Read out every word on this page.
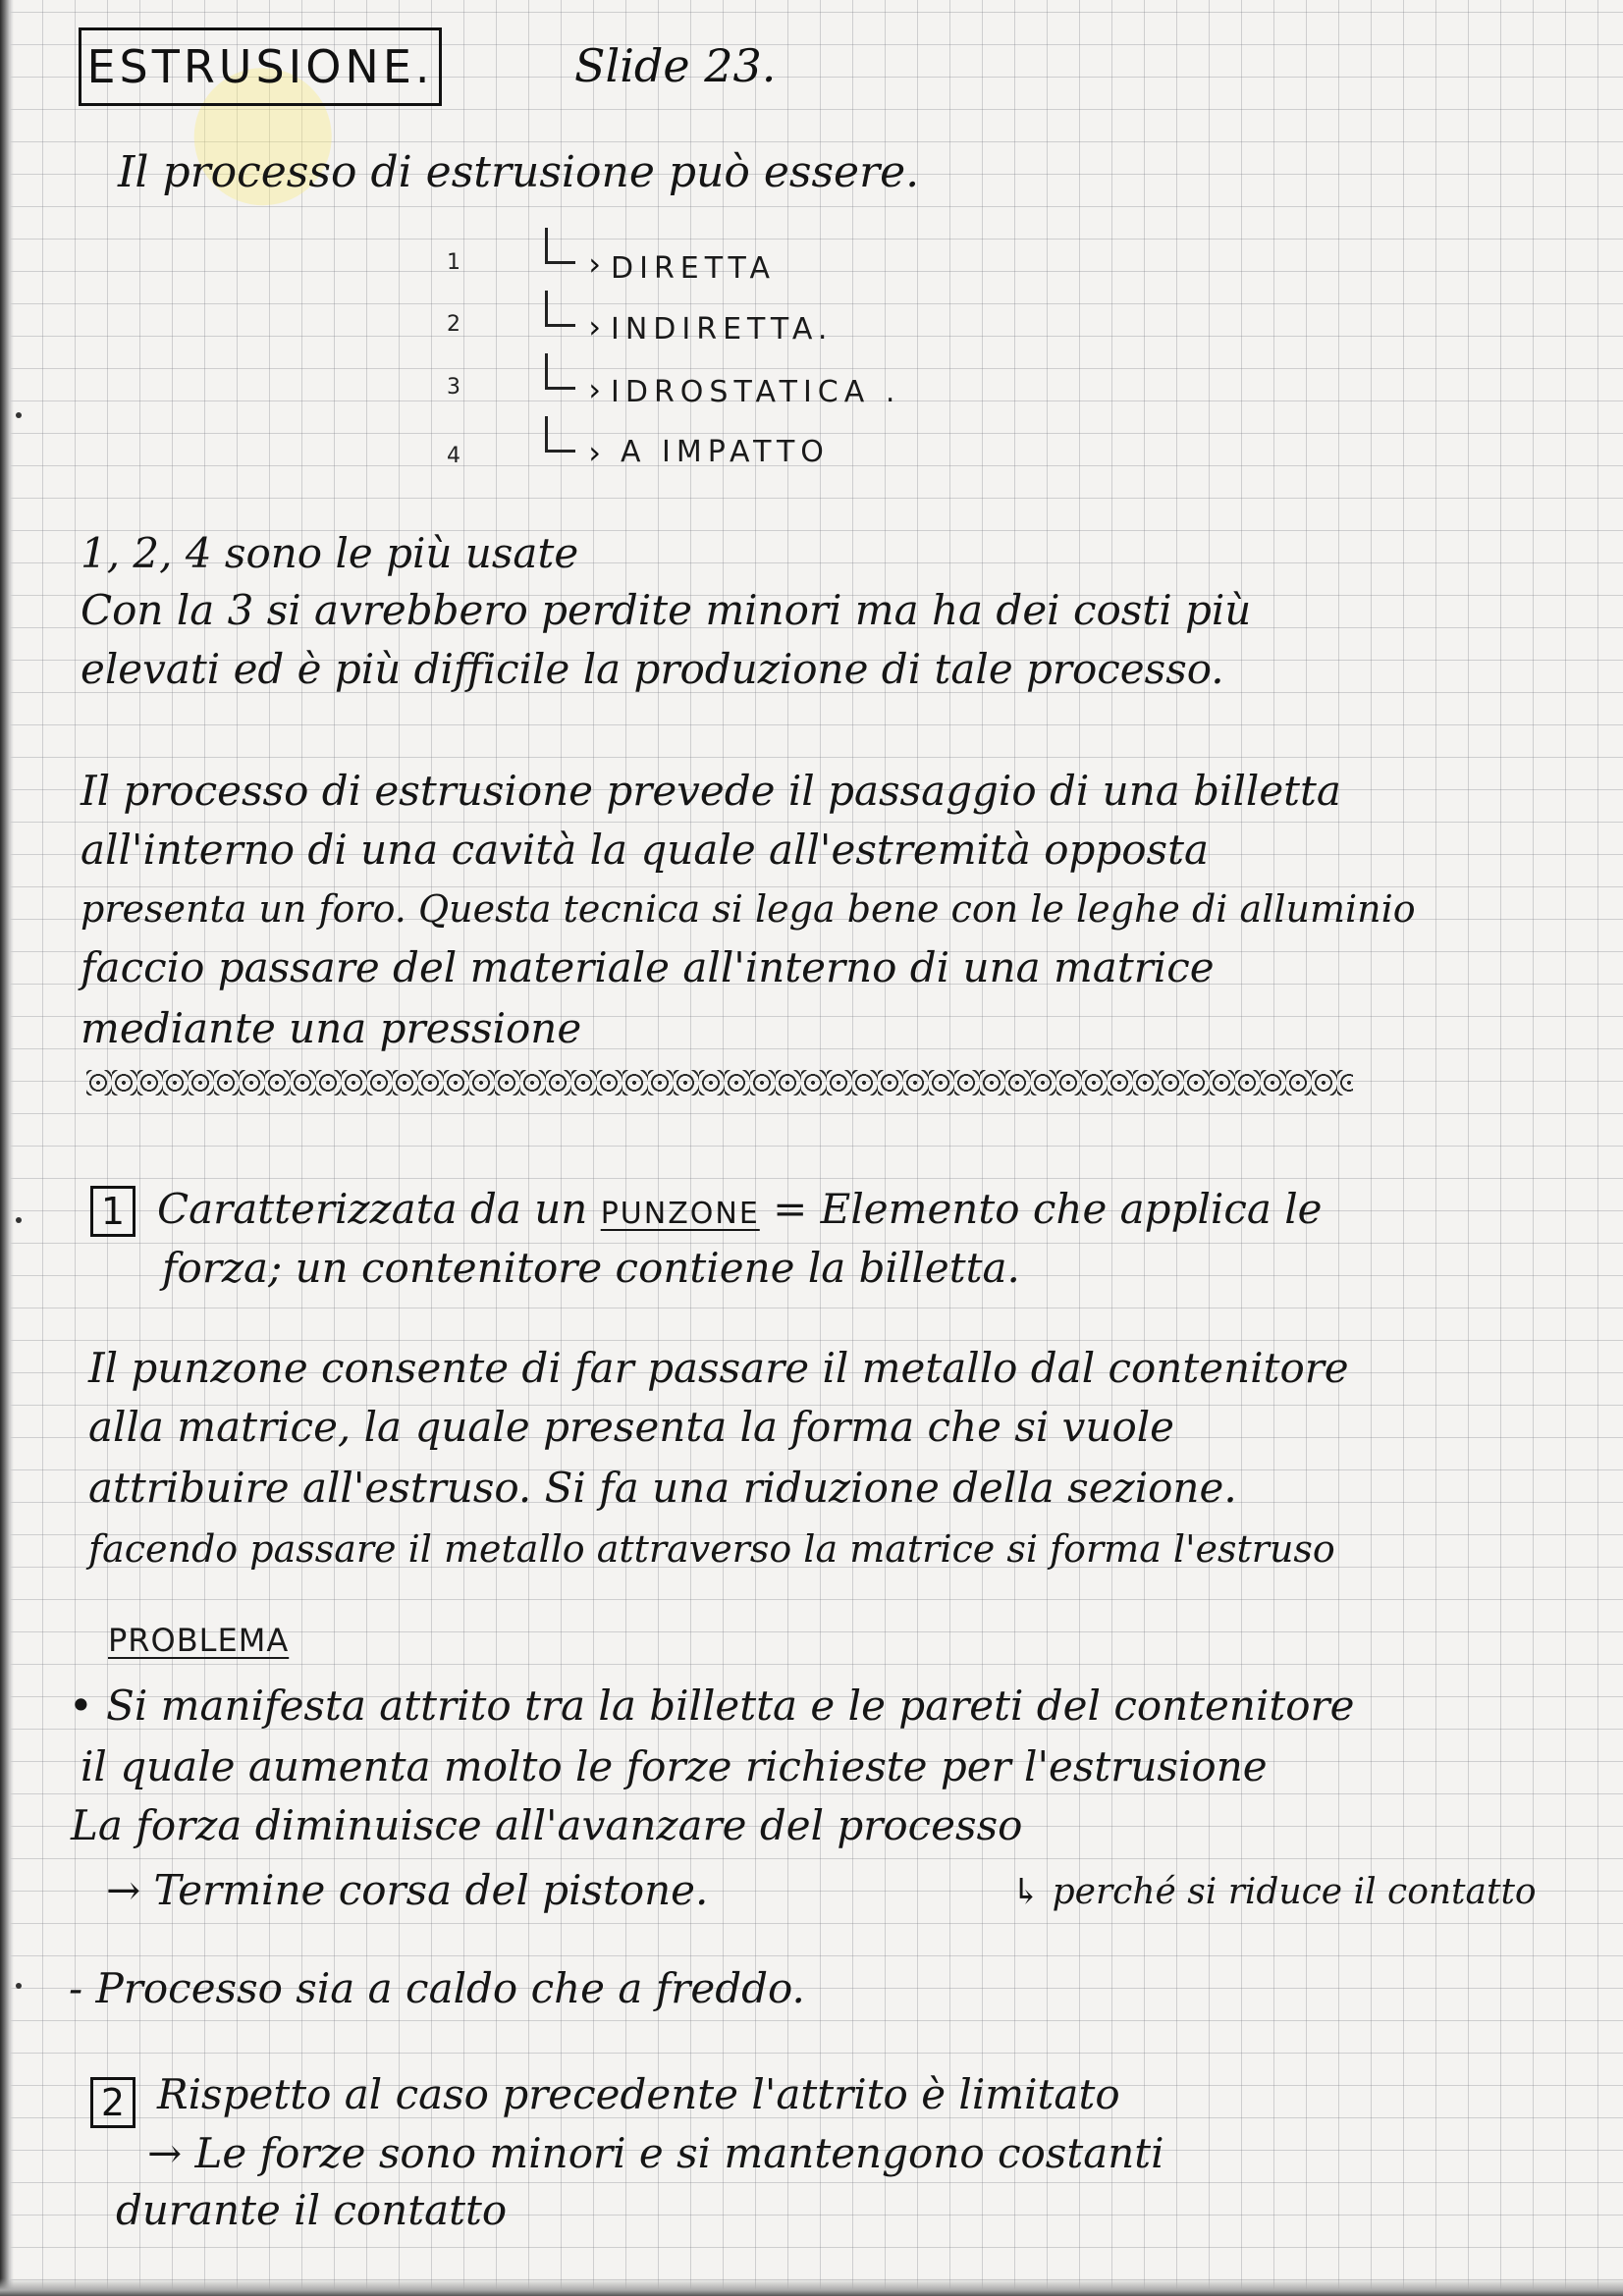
ESTRUSIONE.	Slide 23.
Il processo di estrusione può essere.
1
›	DIRETTA
2
›	INDIRETTA.
3
›	IDROSTATICA .
4
›	A IMPATTO
1, 2, 4 sono le più usate
Con la 3 si avrebbero perdite minori ma ha dei costi più
elevati ed è più difficile la produzione di tale processo.
Il processo di estrusione prevede il passaggio di una billetta
all'interno di una cavità la quale all'estremità opposta
presenta un foro. Questa tecnica si lega bene con le leghe di alluminio
faccio passare del materiale all'interno di una matrice
mediante una pressione
1 Caratterizzata da un PUNZONE = Elemento che applica le
forza; un contenitore contiene la billetta.
Il punzone consente di far passare il metallo dal contenitore
alla matrice, la quale presenta la forma che si vuole
attribuire all'estruso. Si fa una riduzione della sezione.
facendo passare il metallo attraverso la matrice si forma l'estruso
PROBLEMA
• Si manifesta attrito tra la billetta e le pareti del contenitore
il quale aumenta molto le forze richieste per l'estrusione
La forza diminuisce all'avanzare del processo
→ Termine corsa del pistone.	↳ perché si riduce il contatto
- Processo sia a caldo che a freddo.
2 Rispetto al caso precedente l'attrito è limitato
→ Le forze sono minori e si mantengono costanti
durante il contatto
